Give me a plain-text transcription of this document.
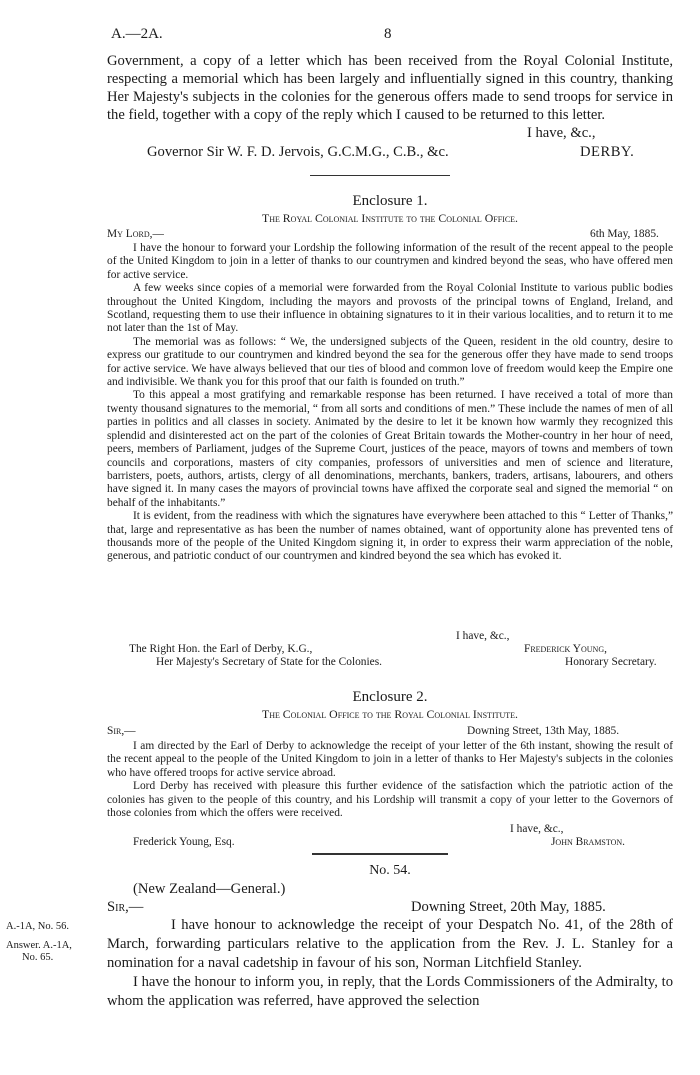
A.—2A.	8

Government, a copy of a letter which has been received from the Royal Colonial Institute, respecting a memorial which has been largely and influentially signed in this country, thanking Her Majesty's subjects in the colonies for the generous offers made to send troops for service in the field, together with a copy of the reply which I caused to be returned to this letter.

I have, &c.,
Governor Sir W. F. D. Jervois, G.C.M.G., C.B., &c.	DERBY.
Enclosure 1.
The Royal Colonial Institute to the Colonial Office.
My Lord,—	6th May, 1885.

I have the honour to forward your Lordship the following information of the result of the recent appeal to the people of the United Kingdom to join in a letter of thanks to our countrymen and kindred beyond the seas, who have offered men for active service.

A few weeks since copies of a memorial were forwarded from the Royal Colonial Institute to various public bodies throughout the United Kingdom, including the mayors and provosts of the principal towns of England, Ireland, and Scotland, requesting them to use their influence in obtaining signatures to it in their various localities, and to return it to me not later than the 1st of May.

The memorial was as follows: “ We, the undersigned subjects of the Queen, resident in the old country, desire to express our gratitude to our countrymen and kindred beyond the sea for the generous offer they have made to send troops for active service. We have always believed that our ties of blood and common love of freedom would keep the Empire one and indivisible. We thank you for this proof that our faith is founded on truth.”

To this appeal a most gratifying and remarkable response has been returned. I have received a total of more than twenty thousand signatures to the memorial, “ from all sorts and conditions of men.” These include the names of men of all parties in politics and all classes in society. Animated by the desire to let it be known how warmly they recognized this splendid and disinterested act on the part of the colonies of Great Britain towards the Mother-country in her hour of need, peers, members of Parliament, judges of the Supreme Court, justices of the peace, mayors of towns and members of town councils and corporations, masters of city companies, professors of universities and men of science and literature, barristers, poets, authors, artists, clergy of all denominations, merchants, bankers, traders, artisans, labourers, and others have signed it. In many cases the mayors of provincial towns have affixed the corporate seal and signed the memorial “ on behalf of the inhabitants.”

It is evident, from the readiness with which the signatures have everywhere been attached to this “ Letter of Thanks,” that, large and representative as has been the number of names obtained, want of opportunity alone has prevented tens of thousands more of the people of the United Kingdom signing it, in order to express their warm appreciation of the noble, generous, and patriotic conduct of our countrymen and kindred beyond the sea which has evoked it.

I have, &c.,
The Right Hon. the Earl of Derby, K.G.,
Her Majesty's Secretary of State for the Colonies.
Frederick Young,
Honorary Secretary.
Enclosure 2.
The Colonial Office to the Royal Colonial Institute.
Sir,—	Downing Street, 13th May, 1885.

I am directed by the Earl of Derby to acknowledge the receipt of your letter of the 6th instant, showing the result of the recent appeal to the people of the United Kingdom to join in a letter of thanks to Her Majesty's subjects in the colonies who have offered troops for active service abroad.

Lord Derby has received with pleasure this further evidence of the satisfaction which the patriotic action of the colonies has given to the people of this country, and his Lordship will transmit a copy of your letter to the Governors of those colonies from which the offers were received.

I have, &c.,
Frederick Young, Esq.	John Bramston.
No. 54.
(New Zealand—General.)
Sir,—	Downing Street, 20th May, 1885.

I have honour to acknowledge the receipt of your Despatch No. 41, of the 28th of March, forwarding particulars relative to the application from the Rev. J. L. Stanley for a nomination for a naval cadetship in favour of his son, Norman Litchfield Stanley.

I have the honour to inform you, in reply, that the Lords Commissioners of the Admiralty, to whom the application was referred, have approved the selection

A.-1A, No. 56.
Answer. A.-1A,
No. 65.
